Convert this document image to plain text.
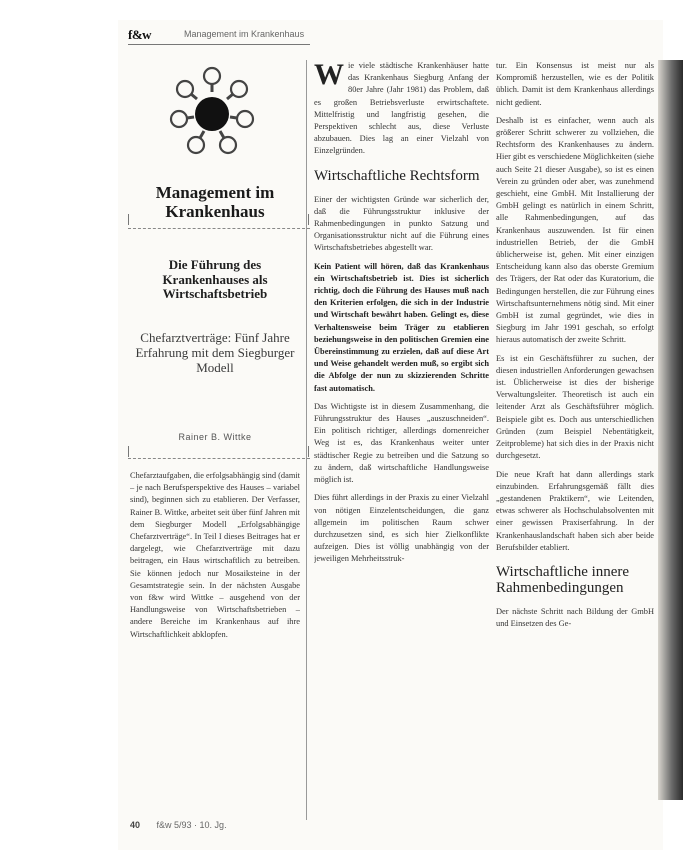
f&w	Management im Krankenhaus
Management im Krankenhaus
Die Führung des Krankenhauses als Wirtschaftsbetrieb
Chefarztverträge: Fünf Jahre Erfahrung mit dem Siegburger Modell
Rainer B. Wittke

Chefarztaufgaben, die erfolgsabhängig sind (damit – je nach Berufsperspektive des Hauses – variabel sind), beginnen sich zu etablieren. Der Verfasser, Rainer B. Wittke, arbeitet seit über fünf Jahren mit dem Siegburger Modell „Erfolgsabhängige Chefarztverträge“. In Teil I dieses Beitrages hat er dargelegt, wie Chefarztverträge mit dazu beitragen, ein Haus wirtschaftlich zu betreiben. Sie können jedoch nur Mosaiksteine in der Gesamtstrategie sein. In der nächsten Ausgabe von f&w wird Wittke – ausgehend von der Handlungsweise von Wirtschaftsbetrieben – andere Bereiche im Krankenhaus auf ihre Wirtschaftlichkeit abklopfen.

W ie viele städtische Krankenhäuser hatte das Krankenhaus Siegburg Anfang der 80er Jahre (Jahr 1981) das Problem, daß es großen Betriebsverluste erwirtschaftete. Mittelfristig und langfristig gesehen, die Perspektiven schlecht aus, diese Verluste abzubauen. Dies lag an einer Vielzahl von Einzelgründen.

Wirtschaftliche Rechtsform

Einer der wichtigsten Gründe war sicherlich der, daß die Führungsstruktur inklusive der Rahmenbedingungen in punkto Satzung und Organisationsstruktur nicht auf die Führung eines Wirtschaftsbetriebes abgestellt war.

Kein Patient will hören, daß das Krankenhaus ein Wirtschaftsbetrieb ist. Dies ist sicherlich richtig, doch die Führung des Hauses muß nach den Kriterien erfolgen, die sich in der Industrie und Wirtschaft bewährt haben. Gelingt es, diese Verhaltensweise beim Träger zu etablieren beziehungsweise in den politischen Gremien eine Übereinstimmung zu erzielen, daß auf diese Art und Weise gehandelt werden muß, so ergibt sich die Abfolge der nun zu skizzierenden Schritte fast automatisch.

Das Wichtigste ist in diesem Zusammenhang, die Führungsstruktur des Hauses „auszuschneiden“. Ein politisch richtiger, allerdings dornenreicher Weg ist es, das Krankenhaus weiter unter städtischer Regie zu betreiben und die Satzung so zu ändern, daß wirtschaftliche Handlungsweise möglich ist.

Dies führt allerdings in der Praxis zu einer Vielzahl von nötigen Einzelentscheidungen, die ganz allgemein im politischen Raum schwer durchzusetzen sind, es sich hier Zielkonflikte aufzeigen. Dies ist völlig unabhängig von der jeweiligen Mehrheitsstruk-

tur. Ein Konsensus ist meist nur als Kompromiß herzustellen, wie es der Politik üblich. Damit ist dem Krankenhaus allerdings nicht gedient.

Deshalb ist es einfacher, wenn auch als größerer Schritt schwerer zu vollziehen, die Rechtsform des Krankenhauses zu ändern. Hier gibt es verschiedene Möglichkeiten (siehe auch Seite 21 dieser Ausgabe), so ist es einen Verein zu gründen oder aber, was zunehmend geschieht, eine GmbH. Mit Installierung der GmbH gelingt es natürlich in einem Schritt, alle Rahmenbedingungen, auf das Krankenhaus auszuwenden. Ist für einen industriellen Betrieb, der die GmbH üblicherweise ist, gehen. Mit einer einzigen Entscheidung kann also das oberste Gremium des Trägers, der Rat oder das Kuratorium, die Bedingungen herstellen, die zur Führung eines Wirtschaftsunternehmens nötig sind. Mit einer GmbH ist zumal gegründet, wie dies in Siegburg im Jahr 1991 geschah, so erfolgt hieraus automatisch der zweite Schritt.

Es ist ein Geschäftsführer zu suchen, der diesen industriellen Anforderungen gewachsen ist. Üblicherweise ist dies der bisherige Verwaltungsleiter. Theoretisch ist auch ein leitender Arzt als Geschäftsführer möglich. Beispiele gibt es. Doch aus unterschiedlichen Gründen (zum Beispiel Nebentätigkeit, Zeitprobleme) hat sich dies in der Praxis nicht durchgesetzt.

Die neue Kraft hat dann allerdings stark einzubinden. Erfahrungsgemäß fällt dies „gestandenen Praktikern“, wie Leitenden, etwas schwerer als Hochschulabsolventen mit einer gewissen Praxiserfahrung. In der Krankenhauslandschaft haben sich aber beide Berufsbilder etabliert.

Wirtschaftliche innere Rahmenbedingungen

Der nächste Schritt nach Bildung der GmbH und Einsetzen des Ge-

40 f&w 5/93 · 10. Jg.
